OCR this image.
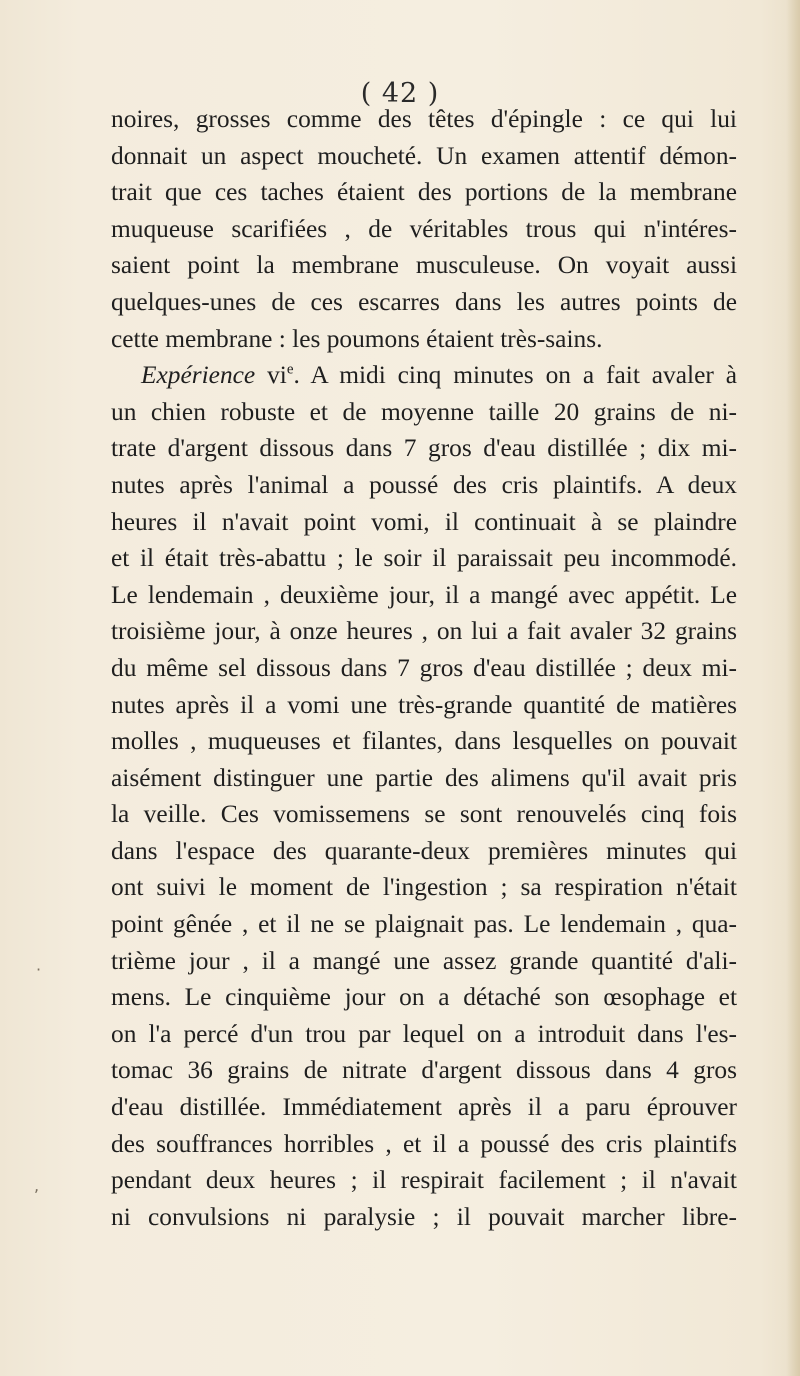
( 42 )
noires, grosses comme des têtes d'épingle : ce qui lui
donnait un aspect moucheté. Un examen attentif démon-
trait que ces taches étaient des portions de la membrane
muqueuse scarifiées , de véritables trous qui n'intéres-
saient point la membrane musculeuse. On voyait aussi
quelques-unes de ces escarres dans les autres points de
cette membrane : les poumons étaient très-sains.
Expérience $vi^e$. A midi cinq minutes on a fait avaler à
un chien robuste et de moyenne taille 20 grains de ni-
trate d'argent dissous dans 7 gros d'eau distillée ; dix mi-
nutes après l'animal a poussé des cris plaintifs. A deux
heures il n'avait point vomi, il continuait à se plaindre
et il était très-abattu ; le soir il paraissait peu incommodé.
Le lendemain , deuxième jour, il a mangé avec appétit. Le
troisième jour, à onze heures , on lui a fait avaler 32 grains
du même sel dissous dans 7 gros d'eau distillée ; deux mi-
nutes après il a vomi une très-grande quantité de matières
molles , muqueuses et filantes, dans lesquelles on pouvait
aisément distinguer une partie des alimens qu'il avait pris
la veille. Ces vomissemens se sont renouvelés cinq fois
dans l'espace des quarante-deux premières minutes qui
ont suivi le moment de l'ingestion ; sa respiration n'était
point gênée , et il ne se plaignait pas. Le lendemain , qua-
trième jour , il a mangé une assez grande quantité d'ali-
mens. Le cinquième jour on a détaché son œsophage et
on l'a percé d'un trou par lequel on a introduit dans l'es-
tomac 36 grains de nitrate d'argent dissous dans 4 gros
d'eau distillée. Immédiatement après il a paru éprouver
des souffrances horribles , et il a poussé des cris plaintifs
pendant deux heures ; il respirait facilement ; il n'avait
ni convulsions ni paralysie ; il pouvait marcher libre-
·
,
